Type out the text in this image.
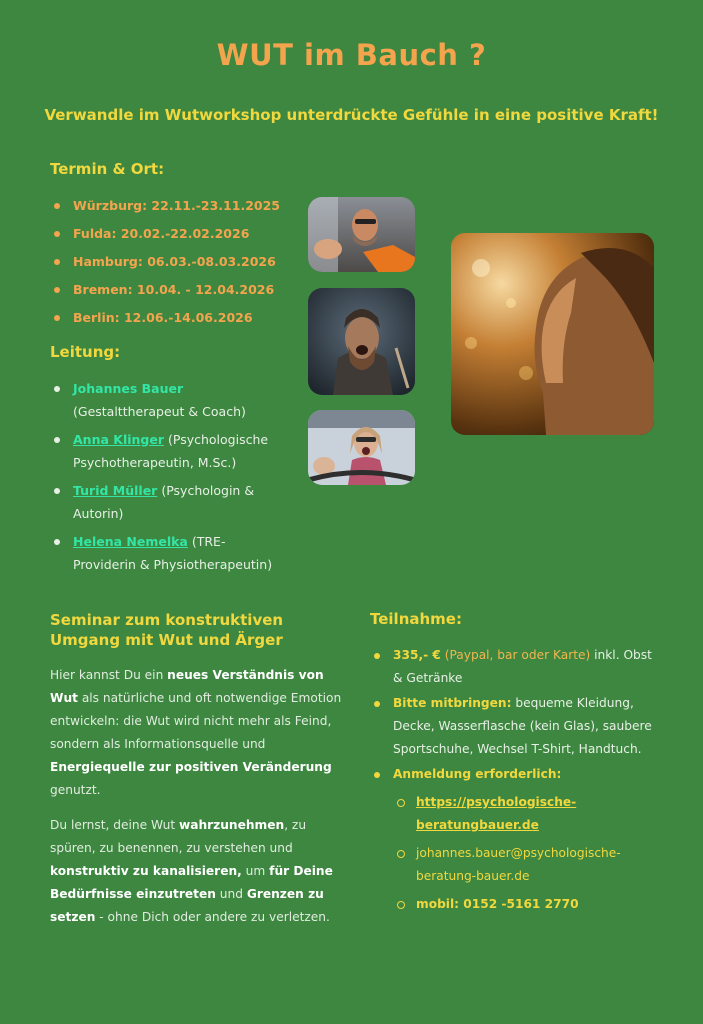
WUT im Bauch ?
Verwandle im Wutworkshop unterdrückte Gefühle in eine positive Kraft!
Termin & Ort:
Würzburg: 22.11.-23.11.2025
Fulda: 20.02.-22.02.2026
Hamburg: 06.03.-08.03.2026
Bremen: 10.04. - 12.04.2026
Berlin: 12.06.-14.06.2026
Leitung:
Johannes Bauer
(Gestalttherapeut & Coach)
Anna Klinger (Psychologische Psychotherapeutin, M.Sc.)
Turid Müller (Psychologin & Autorin)
Helena Nemelka (TRE-Providerin & Physiotherapeutin)
Seminar zum konstruktiven Umgang mit Wut und Ärger

Hier kannst Du ein neues Verständnis von Wut als natürliche und oft notwendige Emotion entwickeln: die Wut wird nicht mehr als Feind, sondern als Informationsquelle und Energiequelle zur positiven Veränderung genutzt.

Du lernst, deine Wut wahrzunehmen, zu spüren, zu benennen, zu verstehen und konstruktiv zu kanalisieren, um für Deine Bedürfnisse einzutreten und Grenzen zu setzen - ohne Dich oder andere zu verletzen.

Teilnahme:
335,- € (Paypal, bar oder Karte) inkl. Obst & Getränke
Bitte mitbringen: bequeme Kleidung, Decke, Wasserflasche (kein Glas), saubere Sportschuhe, Wechsel T-Shirt, Handtuch.
Anmeldung erforderlich:
https://psychologische-beratungbauer.de
johannes.bauer@psychologische-beratung-bauer.de
mobil: 0152 -5161 2770
